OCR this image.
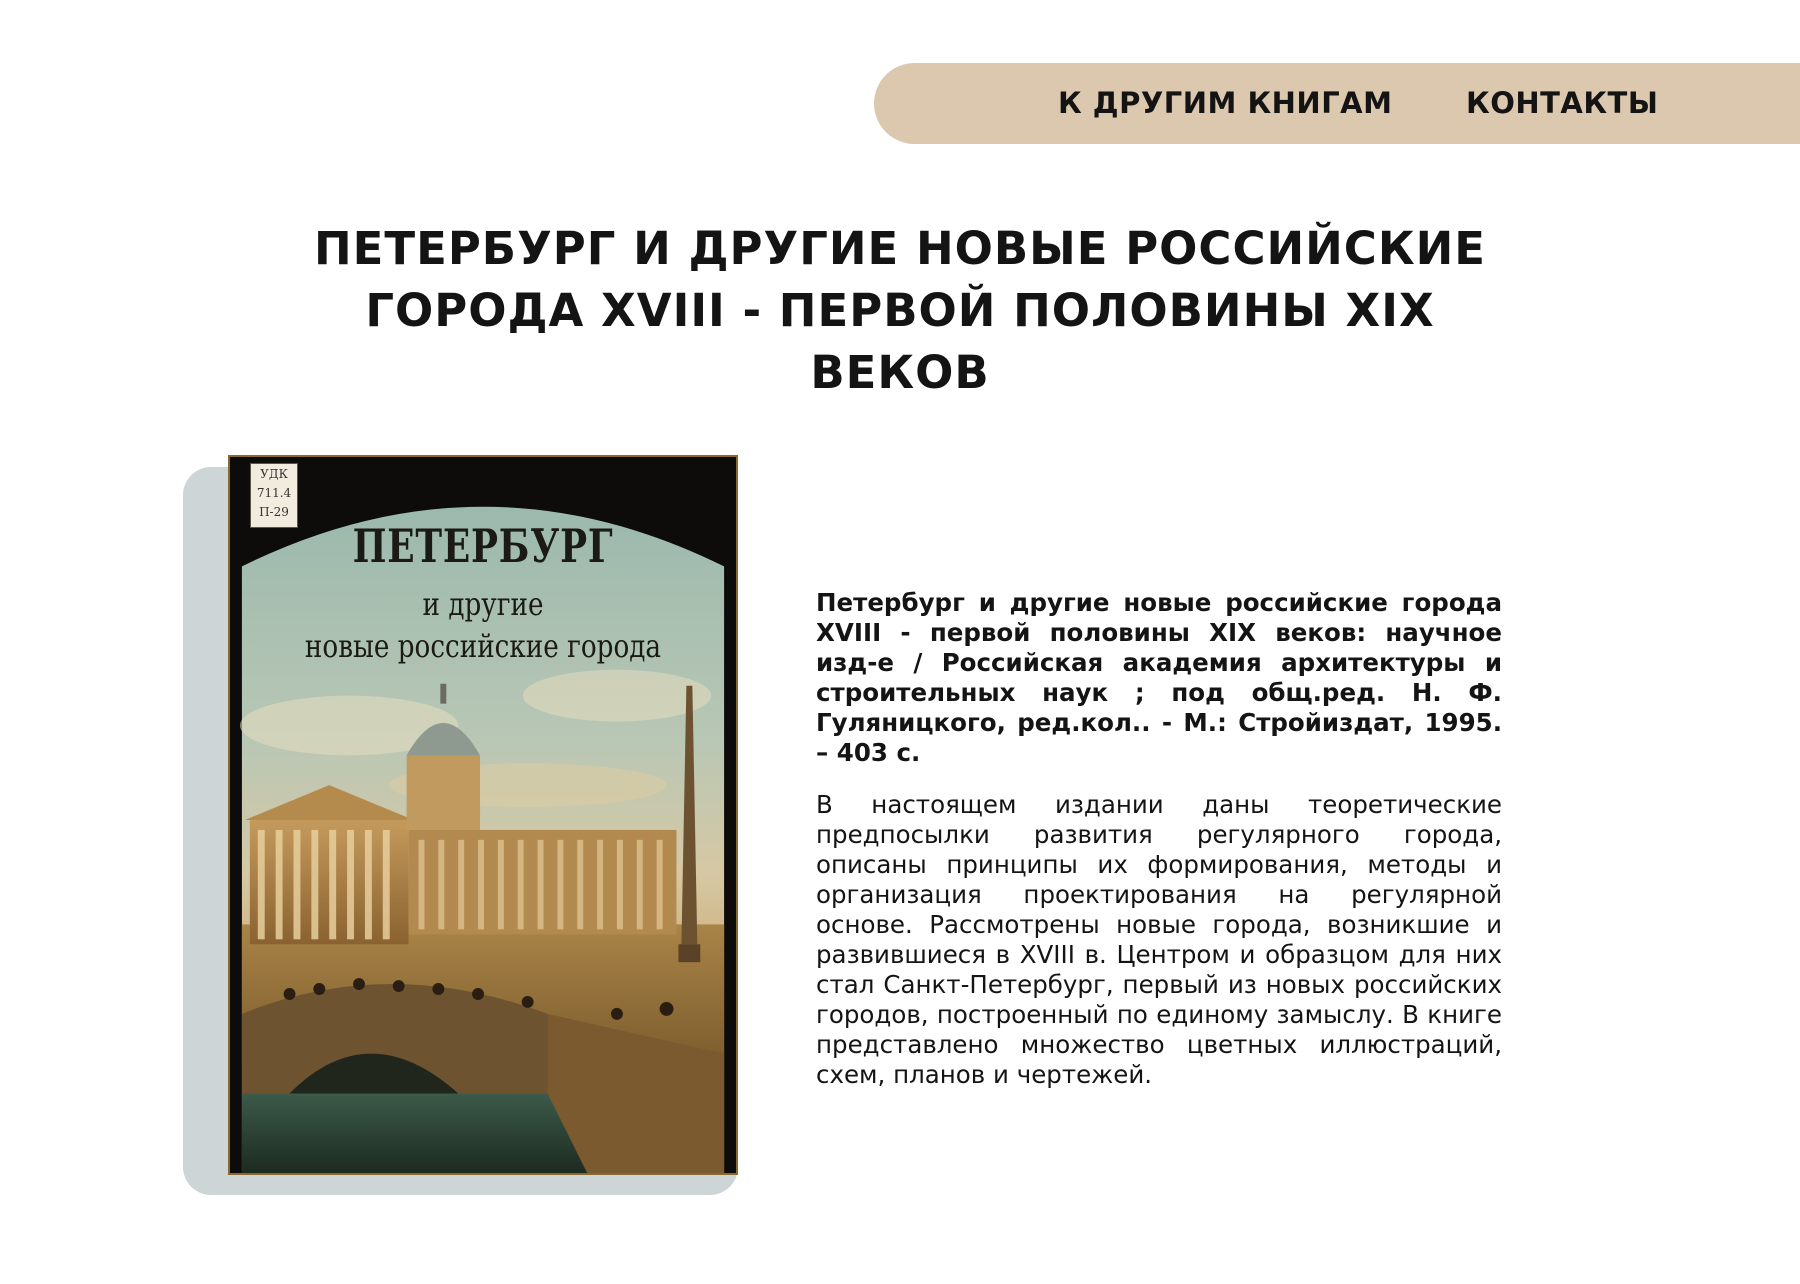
К ДРУГИМ КНИГАМ	КОНТАКТЫ
ПЕТЕРБУРГ И ДРУГИЕ НОВЫЕ РОССИЙСКИЕ ГОРОДА XVIII - ПЕРВОЙ ПОЛОВИНЫ XIX ВЕКОВ
УДК
711.4
П-29
ПЕТЕРБУРГ
и другие
новые российские города

Петербург и другие новые российские города XVIII - первой половины XIX веков: научное изд-е / Российская академия архитектуры и строительных наук ; под общ.ред. Н. Ф. Гуляницкого, ред.кол.. - М.: Стройиздат, 1995. – 403 с.

В настоящем издании даны теоретические предпосылки развития регулярного города, описаны принципы их формирования, методы и организация проектирования на регулярной основе. Рассмотрены новые города, возникшие и развившиеся в XVIII в. Центром и образцом для них стал Санкт-Петербург, первый из новых российских городов, построенный по единому замыслу. В книге представлено множество цветных иллюстраций, схем, планов и чертежей.
